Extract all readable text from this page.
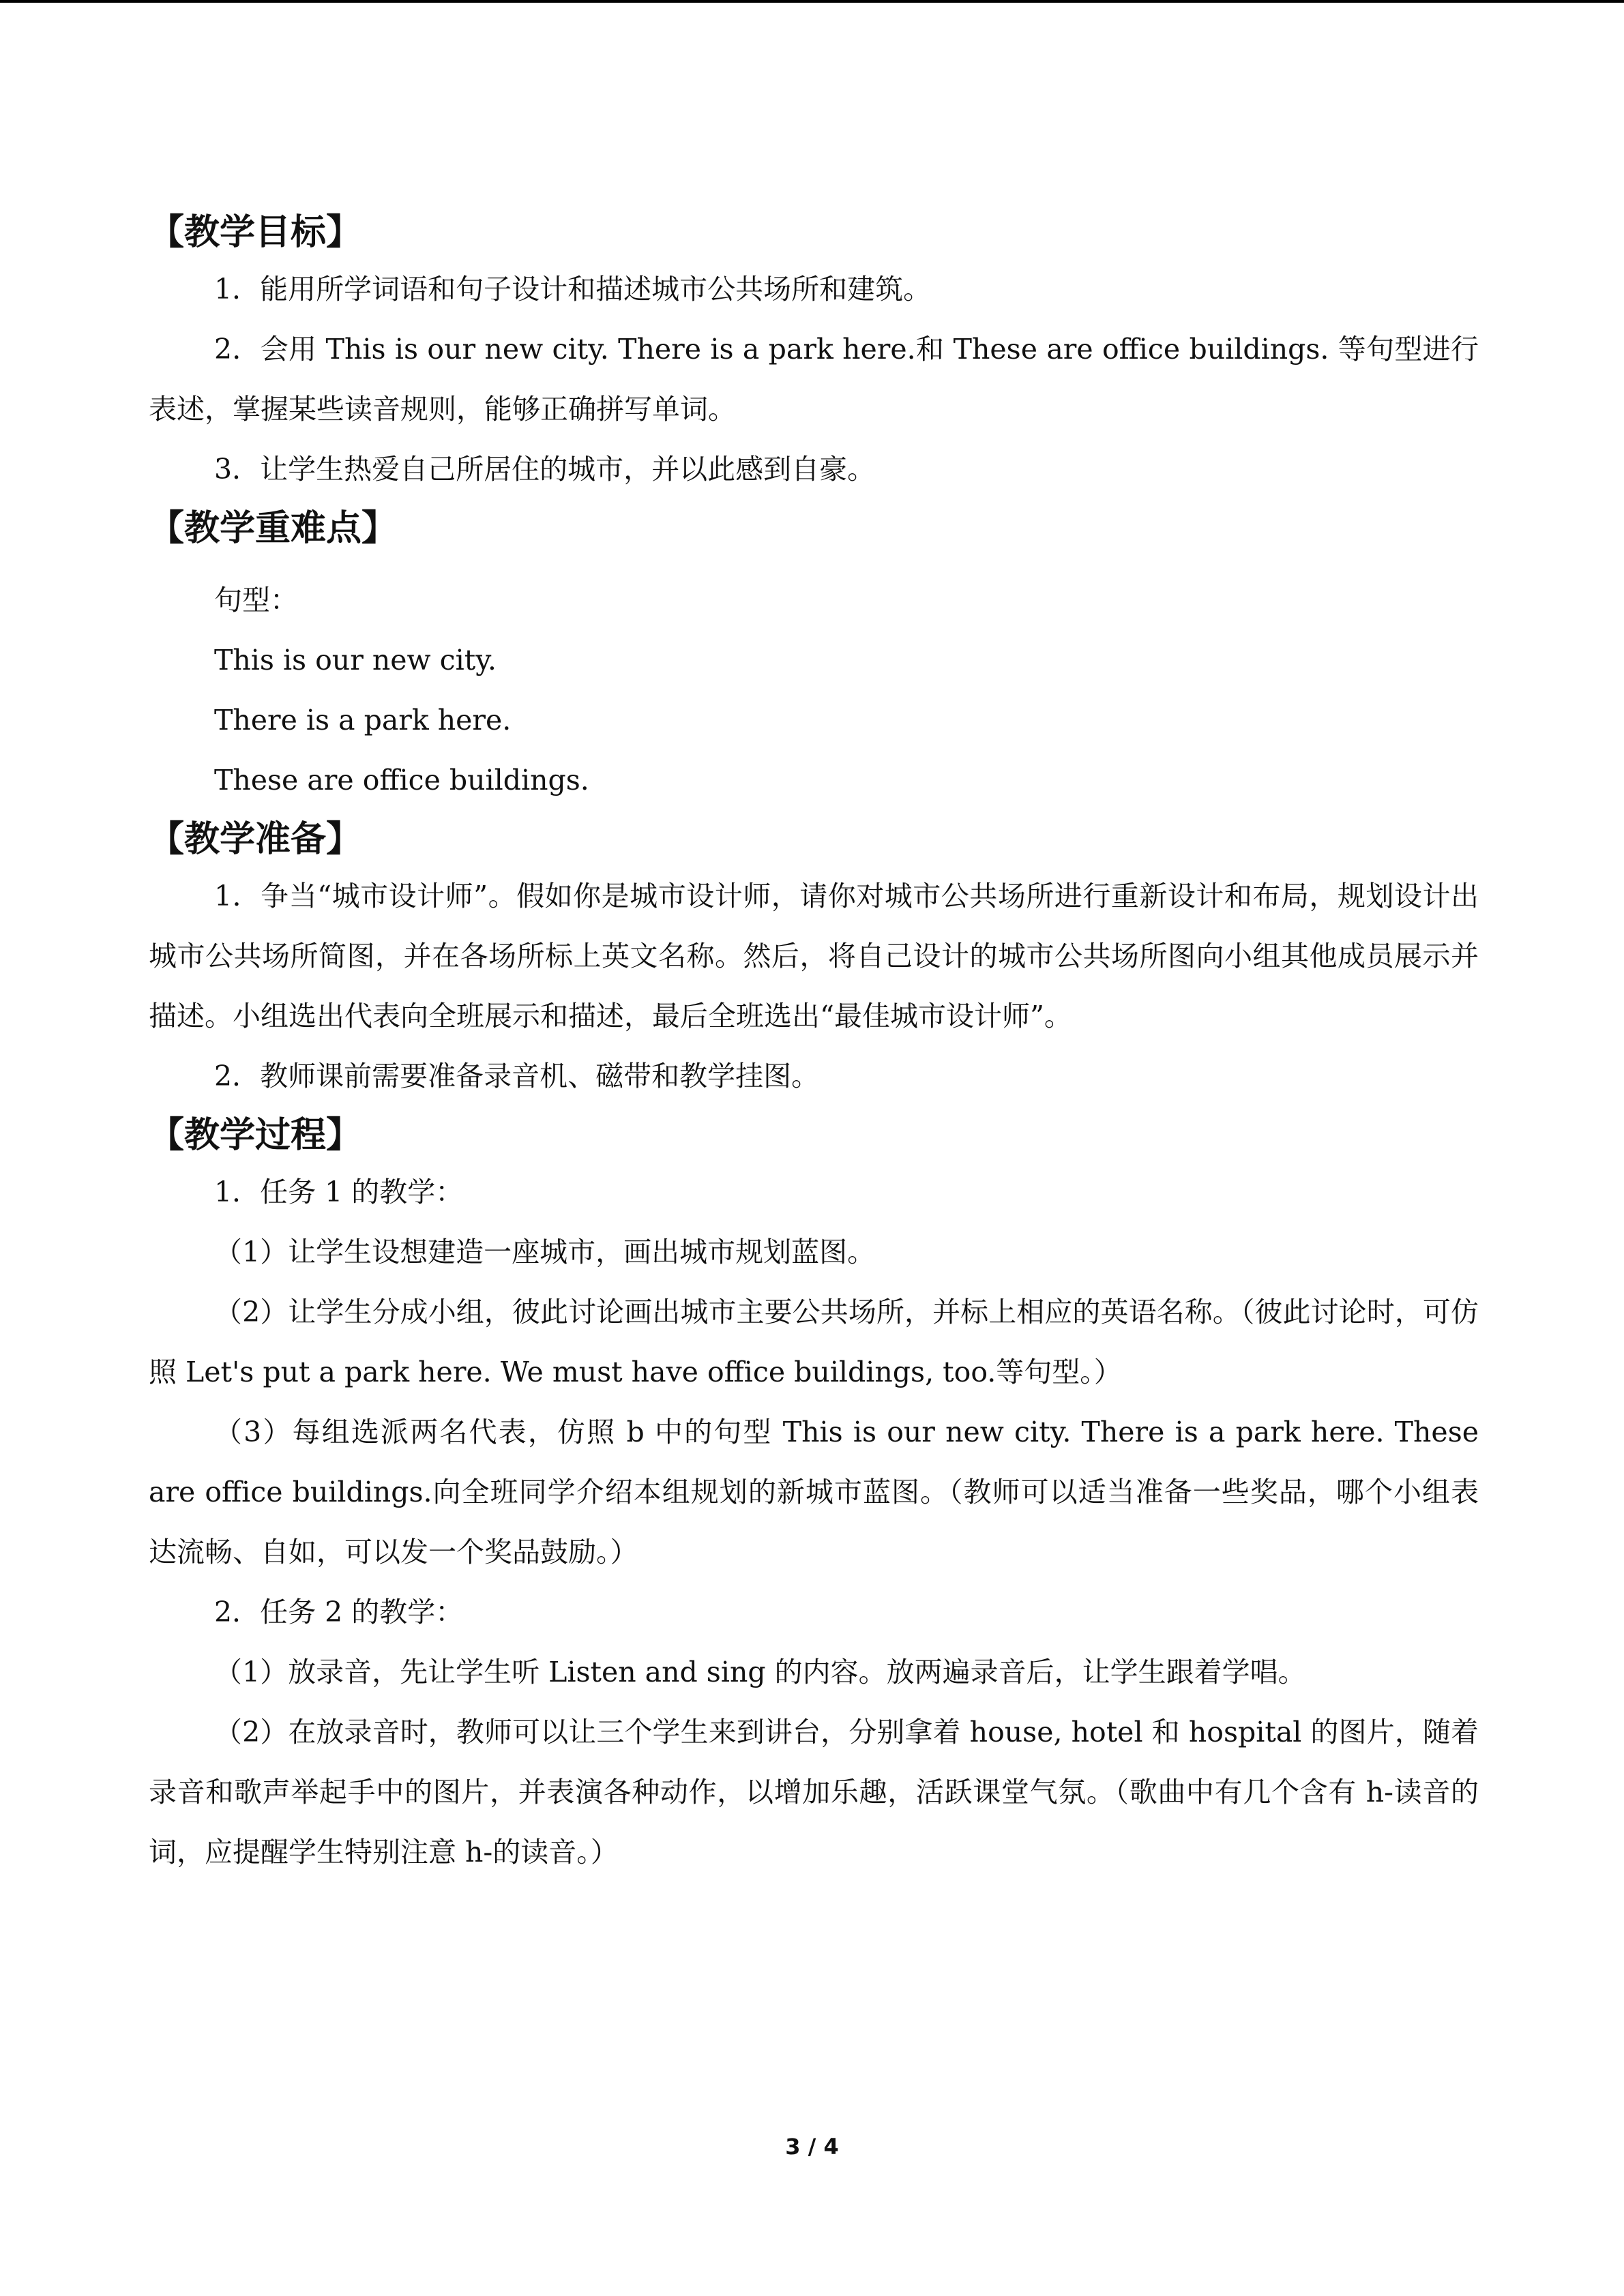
【教学目标】

1．能用所学词语和句子设计和描述城市公共场所和建筑。

2．会用 This is our new city. There is a park here.和 These are office buildings. 等句型进行表述，掌握某些读音规则，能够正确拼写单词。

3．让学生热爱自己所居住的城市，并以此感到自豪。

【教学重难点】

句型：

This is our new city.

There is a park here.

These are office buildings.

【教学准备】

1．争当“城市设计师”。假如你是城市设计师，请你对城市公共场所进行重新设计和布局，规划设计出城市公共场所简图，并在各场所标上英文名称。然后，将自己设计的城市公共场所图向小组其他成员展示并描述。小组选出代表向全班展示和描述，最后全班选出“最佳城市设计师”。

2．教师课前需要准备录音机、磁带和教学挂图。

【教学过程】

1．任务 1 的教学：

（1）让学生设想建造一座城市，画出城市规划蓝图。

（2）让学生分成小组，彼此讨论画出城市主要公共场所，并标上相应的英语名称。（彼此讨论时，可仿照 Let's put a park here. We must have office buildings, too.等句型。）

（3）每组选派两名代表，仿照 b 中的句型 This is our new city. There is a park here. These are office buildings.向全班同学介绍本组规划的新城市蓝图。（教师可以适当准备一些奖品，哪个小组表达流畅、自如，可以发一个奖品鼓励。）

2．任务 2 的教学：

（1）放录音，先让学生听 Listen and sing 的内容。放两遍录音后，让学生跟着学唱。

（2）在放录音时，教师可以让三个学生来到讲台，分别拿着 house, hotel 和 hospital 的图片，随着录音和歌声举起手中的图片，并表演各种动作，以增加乐趣，活跃课堂气氛。（歌曲中有几个含有 h-读音的词，应提醒学生特别注意 h-的读音。）

3 / 4
